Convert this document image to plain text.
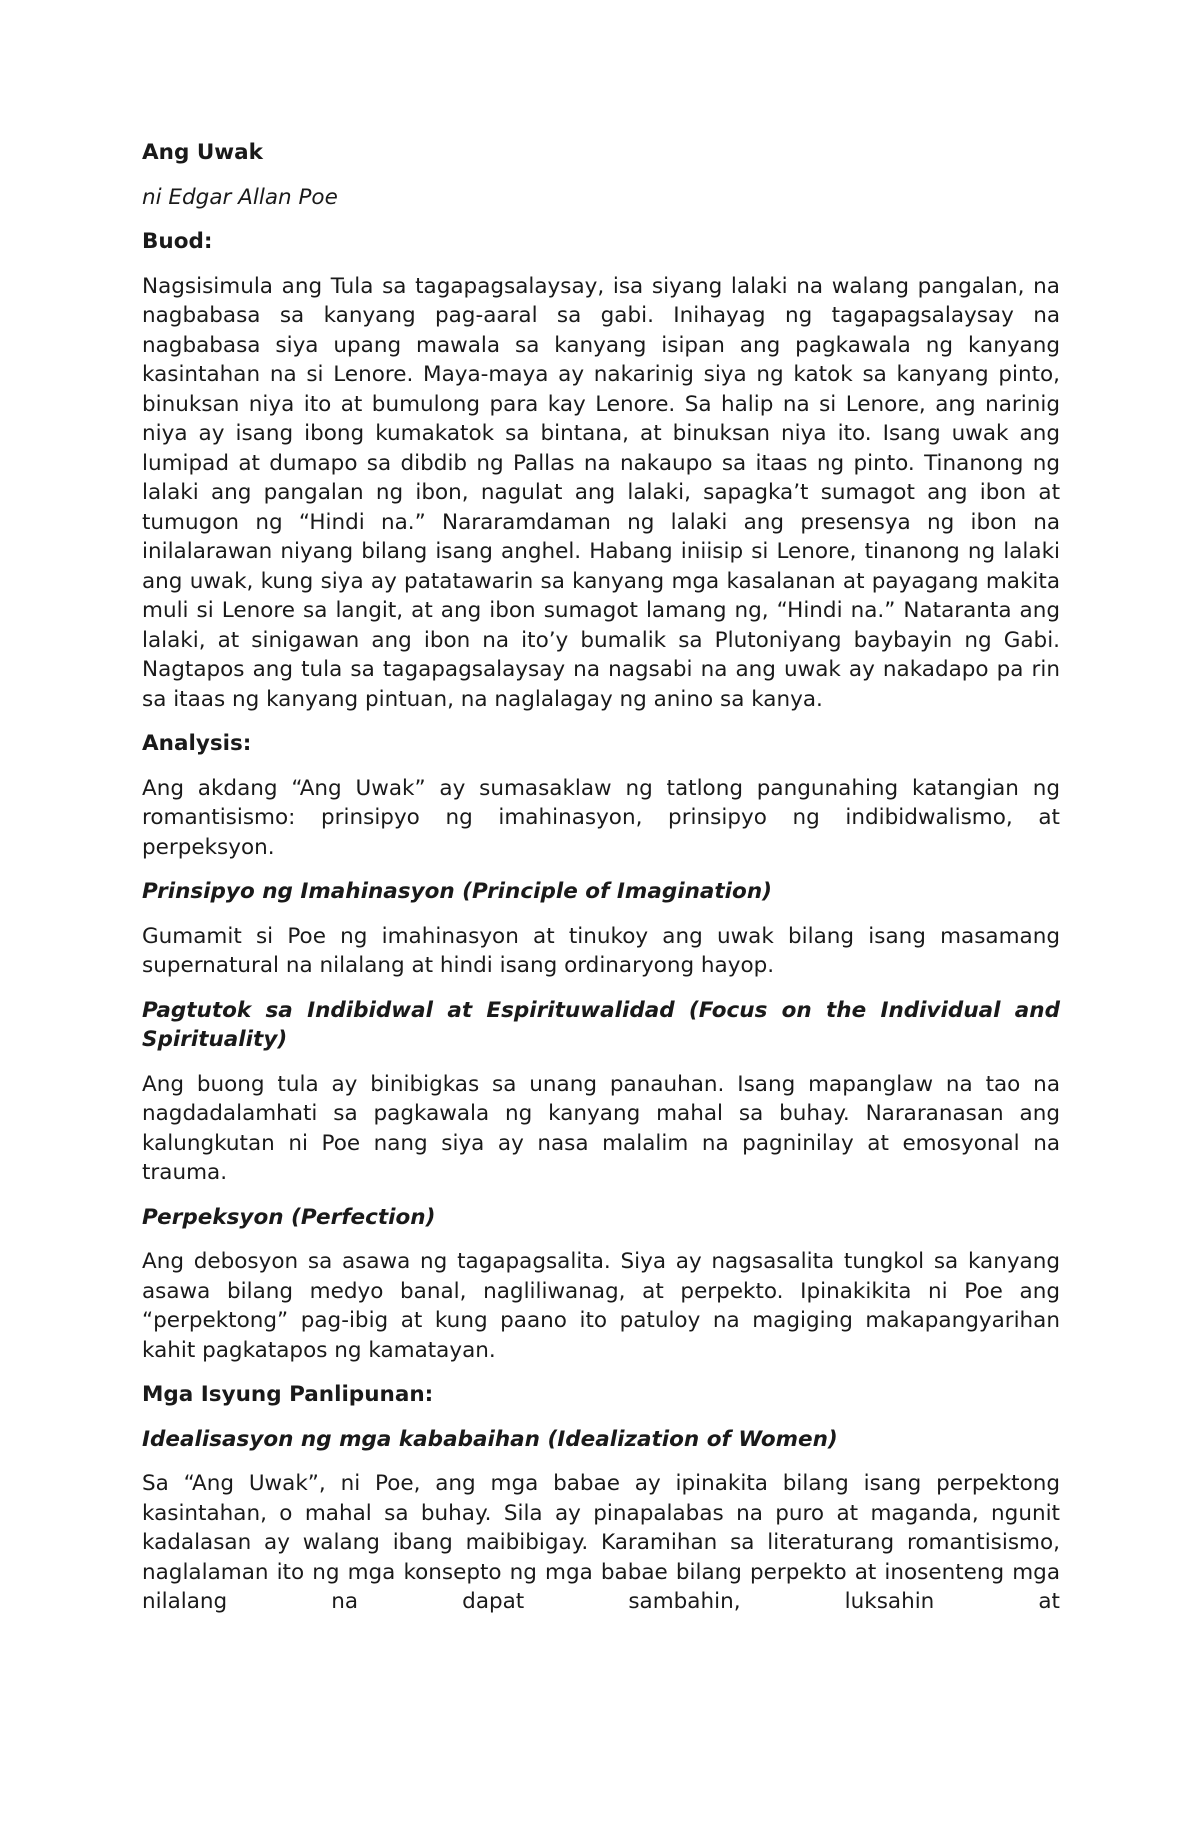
Ang Uwak

ni Edgar Allan Poe

Buod:

Nagsisimula ang Tula sa tagapagsalaysay, isa siyang lalaki na walang pangalan, na nagbabasa sa kanyang pag-aaral sa gabi. Inihayag ng tagapagsalaysay na nagbabasa siya upang mawala sa kanyang isipan ang pagkawala ng kanyang kasintahan na si Lenore. Maya-maya ay nakarinig siya ng katok sa kanyang pinto, binuksan niya ito at bumulong para kay Lenore. Sa halip na si Lenore, ang narinig niya ay isang ibong kumakatok sa bintana, at binuksan niya ito. Isang uwak ang lumipad at dumapo sa dibdib ng Pallas na nakaupo sa itaas ng pinto. Tinanong ng lalaki ang pangalan ng ibon, nagulat ang lalaki, sapagka’t sumagot ang ibon at tumugon ng “Hindi na.” Nararamdaman ng lalaki ang presensya ng ibon na inilalarawan niyang bilang isang anghel. Habang iniisip si Lenore, tinanong ng lalaki ang uwak, kung siya ay patatawarin sa kanyang mga kasalanan at payagang makita muli si Lenore sa langit, at ang ibon sumagot lamang ng, “Hindi na.” Nataranta ang lalaki, at sinigawan ang ibon na ito’y bumalik sa Plutoniyang baybayin ng Gabi. Nagtapos ang tula sa tagapagsalaysay na nagsabi na ang uwak ay nakadapo pa rin sa itaas ng kanyang pintuan, na naglalagay ng anino sa kanya.

Analysis:

Ang akdang “Ang Uwak” ay sumasaklaw ng tatlong pangunahing katangian ng romantisismo: prinsipyo ng imahinasyon, prinsipyo ng indibidwalismo, at perpeksyon.

Prinsipyo ng Imahinasyon (Principle of Imagination)

Gumamit si Poe ng imahinasyon at tinukoy ang uwak bilang isang masamang supernatural na nilalang at hindi isang ordinaryong hayop.

Pagtutok sa Indibidwal at Espirituwalidad (Focus on the Individual and Spirituality)

Ang buong tula ay binibigkas sa unang panauhan. Isang mapanglaw na tao na nagdadalamhati sa pagkawala ng kanyang mahal sa buhay. Nararanasan ang kalungkutan ni Poe nang siya ay nasa malalim na pagninilay at emosyonal na trauma.

Perpeksyon (Perfection)

Ang debosyon sa asawa ng tagapagsalita. Siya ay nagsasalita tungkol sa kanyang asawa bilang medyo banal, nagliliwanag, at perpekto. Ipinakikita ni Poe ang “perpektong” pag-ibig at kung paano ito patuloy na magiging makapangyarihan kahit pagkatapos ng kamatayan.

Mga Isyung Panlipunan:

Idealisasyon ng mga kababaihan (Idealization of Women)

Sa “Ang Uwak”, ni Poe, ang mga babae ay ipinakita bilang isang perpektong kasintahan, o mahal sa buhay. Sila ay pinapalabas na puro at maganda, ngunit kadalasan ay walang ibang maibibigay. Karamihan sa literaturang romantisismo, naglalaman ito ng mga konsepto ng mga babae bilang perpekto at inosenteng mga nilalang na dapat sambahin, luksahin at
